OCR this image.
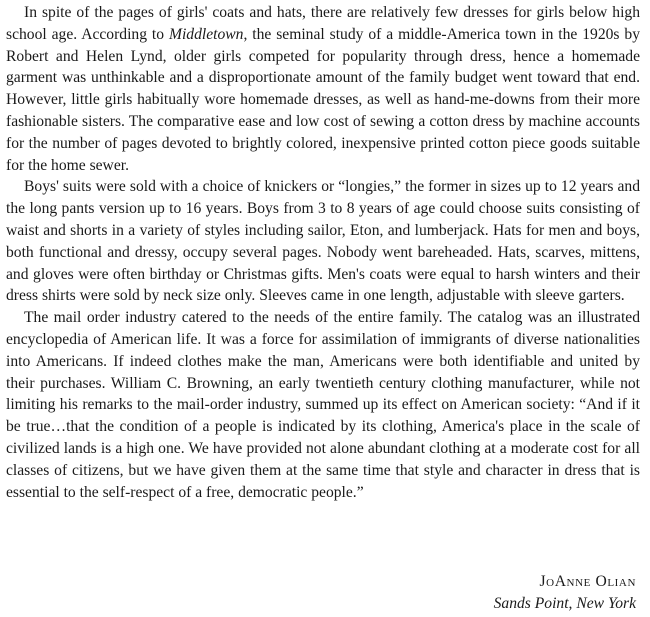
In spite of the pages of girls' coats and hats, there are relatively few dresses for girls below high school age. According to Middletown, the seminal study of a middle-America town in the 1920s by Robert and Helen Lynd, older girls competed for popularity through dress, hence a homemade garment was unthinkable and a disproportionate amount of the family budget went toward that end. However, little girls habitually wore homemade dresses, as well as hand-me-downs from their more fashionable sisters. The comparative ease and low cost of sewing a cotton dress by machine accounts for the number of pages devoted to brightly colored, inexpensive printed cotton piece goods suitable for the home sewer.

Boys' suits were sold with a choice of knickers or “longies,” the former in sizes up to 12 years and the long pants version up to 16 years. Boys from 3 to 8 years of age could choose suits consisting of waist and shorts in a variety of styles including sailor, Eton, and lumberjack. Hats for men and boys, both functional and dressy, occupy several pages. Nobody went bareheaded. Hats, scarves, mittens, and gloves were often birthday or Christmas gifts. Men's coats were equal to harsh winters and their dress shirts were sold by neck size only. Sleeves came in one length, adjustable with sleeve garters.

The mail order industry catered to the needs of the entire family. The catalog was an illustrated encyclopedia of American life. It was a force for assimilation of immigrants of diverse nationalities into Americans. If indeed clothes make the man, Americans were both identifiable and united by their purchases. William C. Browning, an early twentieth century clothing manufacturer, while not limiting his remarks to the mail-order industry, summed up its effect on American society: “And if it be true…that the condition of a people is indicated by its clothing, America's place in the scale of civilized lands is a high one. We have provided not alone abundant clothing at a moderate cost for all classes of citizens, but we have given them at the same time that style and character in dress that is essential to the self-respect of a free, democratic people.”

JoAnne Olian
Sands Point, New York
